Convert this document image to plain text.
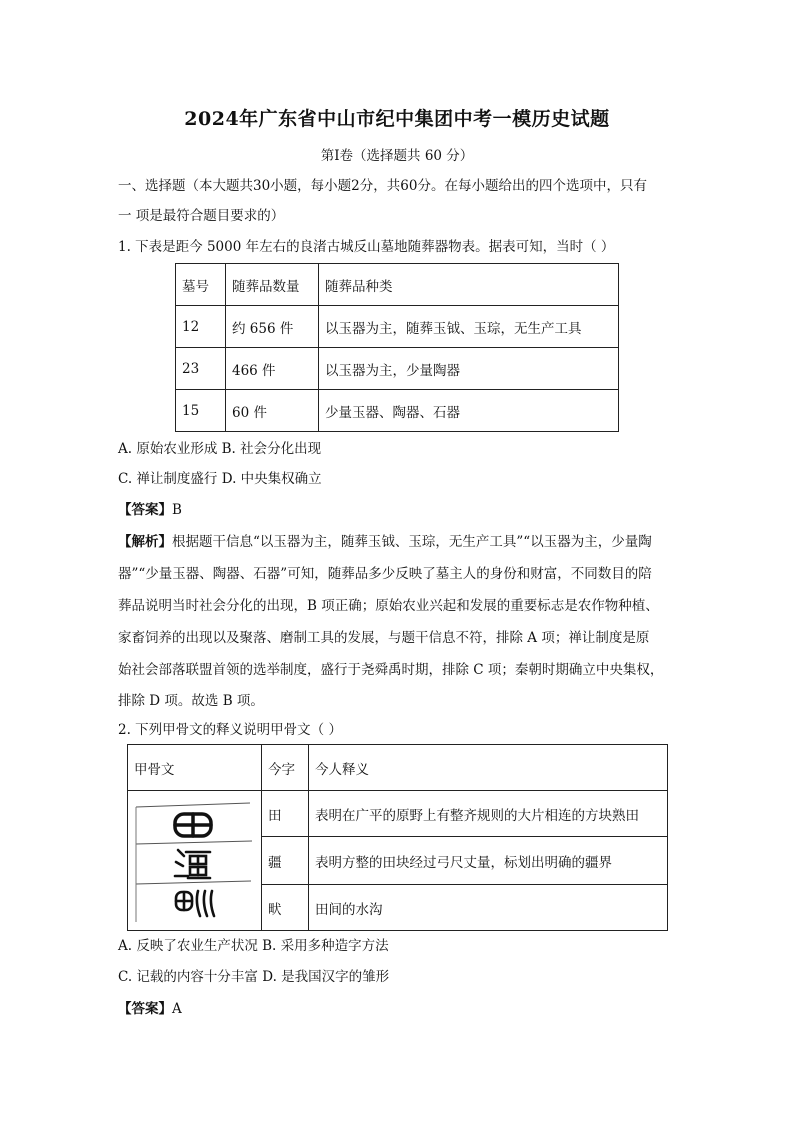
2024年广东省中山市纪中集团中考一模历史试题
第Ⅰ卷（选择题共 60 分）
一、选择题（本大题共30小题，每小题2分，共60分。在每小题给出的四个选项中，只有
一 项是最符合题目要求的）
1. 下表是距今 5000 年左右的良渚古城反山墓地随葬器物表。据表可知，当时（ ）
墓号	随葬品数量	随葬品种类
12	约 656 件	以玉器为主，随葬玉钺、玉琮，无生产工具
23	466 件	以玉器为主，少量陶器
15	60 件	少量玉器、陶器、石器
A. 原始农业形成 B. 社会分化出现
C. 禅让制度盛行 D. 中央集权确立
【答案】B
【解析】根据题干信息“以玉器为主，随葬玉钺、玉琮，无生产工具”“以玉器为主，少量陶
器”“少量玉器、陶器、石器”可知，随葬品多少反映了墓主人的身份和财富，不同数目的陪
葬品说明当时社会分化的出现，B 项正确；原始农业兴起和发展的重要标志是农作物种植、
家畜饲养的出现以及聚落、磨制工具的发展，与题干信息不符，排除 A 项；禅让制度是原
始社会部落联盟首领的选举制度，盛行于尧舜禹时期，排除 C 项；秦朝时期确立中央集权，
排除 D 项。故选 B 项。
2. 下列甲骨文的释义说明甲骨文（ ）
甲骨文	今字	今人释义

	田	表明在广平的原野上有整齐规则的大片相连的方块熟田
	疆	表明方整的田块经过弓尺丈量，标划出明确的疆界
	畎	田间的水沟
A. 反映了农业生产状况 B. 采用多种造字方法
C. 记载的内容十分丰富 D. 是我国汉字的雏形
【答案】A
